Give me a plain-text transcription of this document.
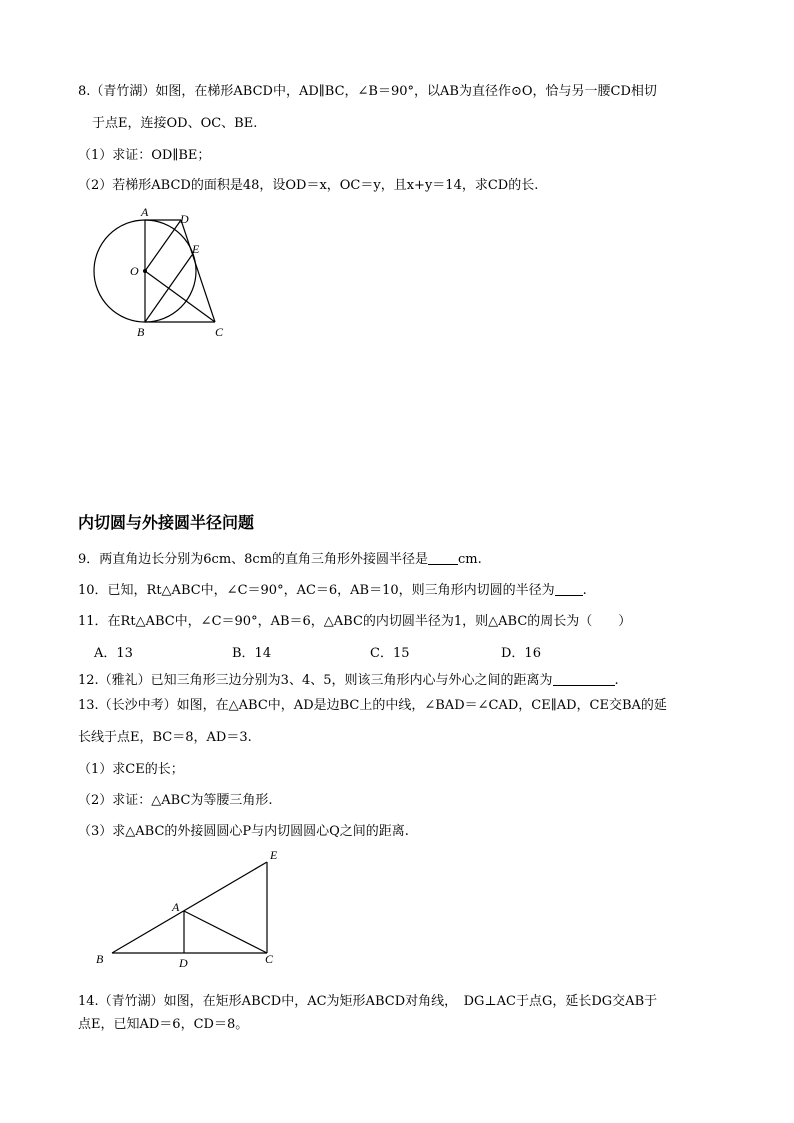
8.（青竹湖）如图，在梯形ABCD中，AD∥BC，∠B＝90°，以AB为直径作⊙O，恰与另一腰CD相切
于点E，连接OD、OC、BE.
（1）求证：OD∥BE；
（2）若梯形ABCD的面积是48，设OD＝x，OC＝y，且x+y＝14，求CD的长.
A	D
E
O
B	C
内切圆与外接圆半径问题
9．两直角边长分别为6cm、8cm的直角三角形外接圆半径是 cm.
10．已知，Rt△ABC中，∠C＝90°，AC＝6，AB＝10，则三角形内切圆的半径为 .
11．在Rt△ABC中，∠C＝90°，AB＝6，△ABC的内切圆半径为1，则△ABC的周长为（　　）
A．13	B．14	C．15	D．16
12.（雅礼）已知三角形三边分别为3、4、5，则该三角形内心与外心之间的距离为	.
13.（长沙中考）如图，在△ABC中，AD是边BC上的中线，∠BAD＝∠CAD，CE∥AD，CE交BA的延
长线于点E，BC＝8，AD＝3.
（1）求CE的长；
（2）求证：△ABC为等腰三角形.
（3）求△ABC的外接圆圆心P与内切圆圆心Q之间的距离.
E
A
B	D	C
14.（青竹湖）如图，在矩形ABCD中，AC为矩形ABCD对角线，　DG⊥AC于点G，延长DG交AB于
点E，已知AD＝6，CD＝8。
